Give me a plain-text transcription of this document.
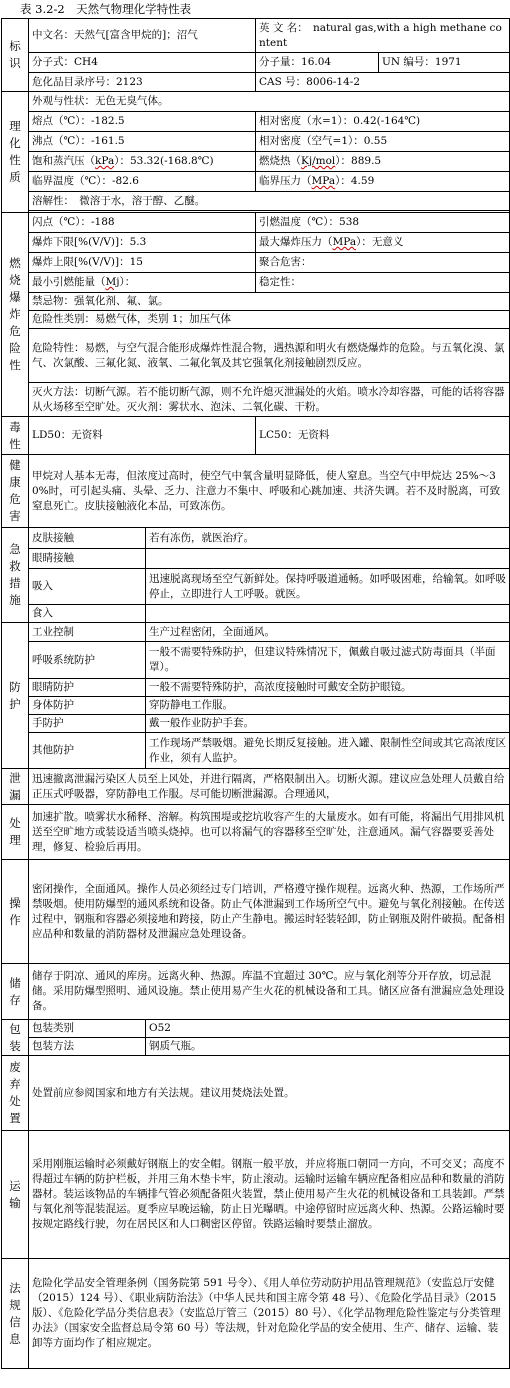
表 3.2-2　天然气物理化学特性表
标识	中文名：天然气[富含甲烷的]；沼气		英 文 名：　natural gas,with a high methane content	
	分子式：CH4		分子量：16.04	UN 编号：1971
	危化品目录序号：2123		CAS 号：8006-14-2	
理化性质	外观与性状：无色无臭气体。			
	熔点（℃）：-182.5		相对密度（水=1）：0.42(-164℃)	
	沸点（℃）：-161.5		相对密度（空气=1）：0.55	
	饱和蒸汽压（kPa）：53.32(-168.8℃)		燃烧热（Kj/mol）：889.5	
	临界温度（℃）：-82.6		临界压力（MPa）：4.59	
	溶解性：　微溶于水，溶于醇、乙醚。			

燃烧爆炸危险性	闪点（℃）：-188		引燃温度（℃）：538	
	爆炸下限[%(V/V)]：5.3		最大爆炸压力（MPa）：无意义	
	爆炸上限[%(V/V)]：15		聚合危害：	
	最小引燃能量（Mj）：		稳定性：	
	禁忌物：强氧化剂、氟、氯。			
	危险性类别：易燃气体，类别 1；加压气体			
	危险特性：易燃，与空气混合能形成爆炸性混合物，遇热源和明火有燃烧爆炸的危险。与五氧化溴、氯气、次氯酸、三氟化氮、液氧、二氟化氧及其它强氧化剂接触剧烈反应。			
	灭火方法：切断气源。若不能切断气源，则不允许熄灭泄漏处的火焰。喷水冷却容器，可能的话将容器从火场移至空旷处。灭火剂：雾状水、泡沫、二氧化碳、干粉。			
毒性	LD50：无资料		LC50：无资料	
健康危害	甲烷对人基本无毒，但浓度过高时，使空气中氧含量明显降低，使人窒息。当空气中甲烷达 25%～30%时，可引起头痛、头晕、乏力、注意力不集中、呼吸和心跳加速、共济失调。若不及时脱离，可致窒息死亡。皮肤接触液化本品，可致冻伤。			
急救措施	皮肤接触	若有冻伤，就医治疗。		
	眼睛接触			
	吸入	迅速脱离现场至空气新鲜处。保持呼吸道通畅。如呼吸困难，给输氧。如呼吸停止，立即进行人工呼吸。就医。		
	食入			
防护	工业控制	生产过程密闭，全面通风。		
	呼吸系统防护	一般不需要特殊防护，但建议特殊情况下，佩戴自吸过滤式防毒面具（半面罩）。		
	眼睛防护	一般不需要特殊防护，高浓度接触时可戴安全防护眼镜。		
	身体防护	穿防静电工作服。		
	手防护	戴一般作业防护手套。		
	其他防护	工作现场严禁吸烟。避免长期反复接触。进入罐、限制性空间或其它高浓度区作业，须有人监护。		
泄漏	迅速撤离泄漏污染区人员至上风处，并进行隔离，严格限制出入。切断火源。建议应急处理人员戴自给正压式呼吸器，穿防静电工作服。尽可能切断泄漏源。合理通风，			
处理	加速扩散。喷雾状水稀释、溶解。构筑围堤或挖坑收容产生的大量废水。如有可能，将漏出气用排风机送至空旷地方或装设适当喷头烧掉。也可以将漏气的容器移至空旷处，注意通风。漏气容器要妥善处理，修复、检验后再用。			
操作	密闭操作，全面通风。操作人员必须经过专门培训，严格遵守操作规程。远离火种、热源，工作场所严禁吸烟。使用防爆型的通风系统和设备。防止气体泄漏到工作场所空气中。避免与氧化剂接触。在传送过程中，钢瓶和容器必须接地和跨接，防止产生静电。搬运时轻装轻卸，防止钢瓶及附件破损。配备相应品种和数量的消防器材及泄漏应急处理设备。			
储存	储存于阴凉、通风的库房。远离火种、热源。库温不宜超过 30℃。应与氧化剂等分开存放，切忌混储。采用防爆型照明、通风设施。禁止使用易产生火花的机械设备和工具。储区应备有泄漏应急处理设备。			
包装	包装类别	O52		
	包装方法	钢质气瓶。		
废弃处置	处置前应参阅国家和地方有关法规。建议用焚烧法处置。			
运输	采用刚瓶运输时必须戴好钢瓶上的安全帽。钢瓶一般平放，并应将瓶口朝同一方向，不可交叉；高度不得超过车辆的防护栏板，并用三角木垫卡牢，防止滚动。运输时运输车辆应配备相应品种和数量的消防器材。装运该物品的车辆排气管必须配备阻火装置，禁止使用易产生火花的机械设备和工具装卸。严禁与氧化剂等混装混运。夏季应早晚运输，防止日光曝晒。中途停留时应远离火种、热源。公路运输时要按规定路线行驶，勿在居民区和人口稠密区停留。铁路运输时要禁止溜放。			
法规信息	危险化学品安全管理条例（国务院第 591 号令）、《用人单位劳动防护用品管理规范》（安监总厅安健（2015）124 号）、《职业病防治法》（中华人民共和国主席令第 48 号）、《危险化学品目录》（2015 版）、《危险化学品分类信息表》（安监总厅管三（2015）80 号）、《化学品物理危险性鉴定与分类管理办法》（国家安全监督总局令第 60 号）等法规，针对危险化学品的安全使用、生产、储存、运输、装卸等方面均作了相应规定。			
